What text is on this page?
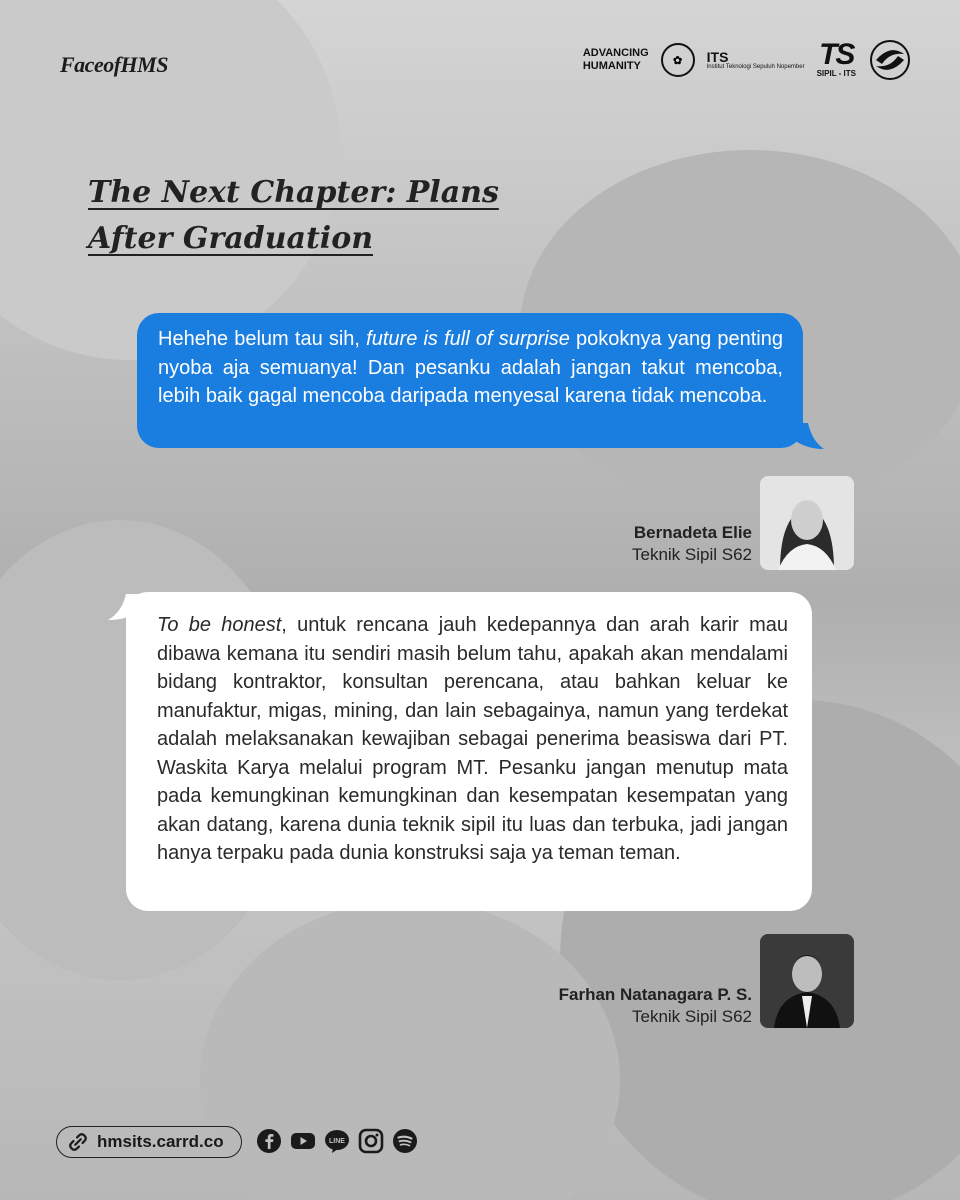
FaceofHMS	ADVANCING
HUMANITY	✿	ITS
Institut Teknologi Sepuluh Nopember TS
SIPIL - ITS
The Next Chapter: Plans
After Graduation
Hehehe belum tau sih, future is full of surprise pokoknya yang penting nyoba aja semuanya! Dan pesanku adalah jangan takut mencoba, lebih baik gagal mencoba daripada menyesal karena tidak mencoba.
Bernadeta Elie
Teknik Sipil S62
To be honest, untuk rencana jauh kedepannya dan arah karir mau dibawa kemana itu sendiri masih belum tahu, apakah akan mendalami bidang kontraktor, konsultan perencana, atau bahkan keluar ke manufaktur, migas, mining, dan lain sebagainya, namun yang terdekat adalah melaksanakan kewajiban sebagai penerima beasiswa dari PT. Waskita Karya melalui program MT. Pesanku jangan menutup mata pada kemungkinan kemungkinan dan kesempatan kesempatan yang akan datang, karena dunia teknik sipil itu luas dan terbuka, jadi jangan hanya terpaku pada dunia konstruksi saja ya teman teman.
Farhan Natanagara P. S.
Teknik Sipil S62
hmsits.carrd.co	LINE
